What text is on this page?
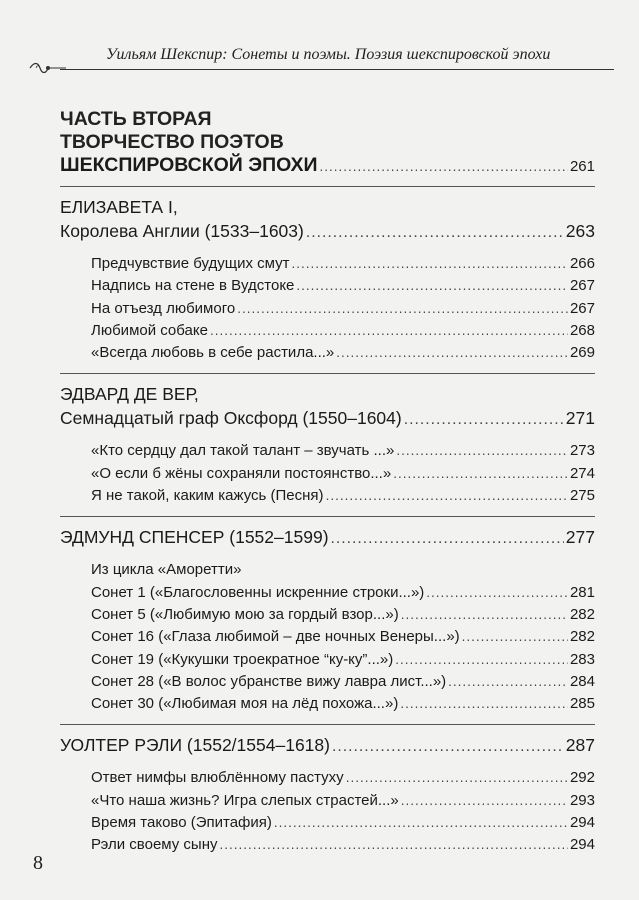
Уильям Шекспир: Сонеты и поэмы. Поэзия шекспировской эпохи
ЧАСТЬ ВТОРАЯ
ТВОРЧЕСТВО ПОЭТОВ
ШЕКСПИРОВСКОЙ ЭПОХИ .....	261
ЕЛИЗАВЕТА I,
Королева Англии (1533–1603) .....	263
Предчувствие будущих смут .....	266
Надпись на стене в Вудстоке .....	267
На отъезд любимого .....	267
Любимой собаке .....	268
«Всегда любовь в себе растила...» .....	269
ЭДВАРД ДЕ ВЕР,
Семнадцатый граф Оксфорд (1550–1604) .....	271
«Кто сердцу дал такой талант – звучать ...» .....	273
«О если б жёны сохраняли постоянство...» .....	274
Я не такой, каким кажусь (Песня) .....	275
ЭДМУНД СПЕНСЕР (1552–1599) .....	277
Из цикла «Аморетти»
Сонет 1 («Благословенны искренние строки...») .....	281
Сонет 5 («Любимую мою за гордый взор...») .....	282
Сонет 16 («Глаза любимой – две ночных Венеры...») .....	282
Сонет 19 («Кукушки троекратное “ку-ку”...») .....	283
Сонет 28 («В волос убранстве вижу лавра лист...») .....	284
Сонет 30 («Любимая моя на лёд похожа...») .....	285
УОЛТЕР РЭЛИ (1552/1554–1618) .....	287
Ответ нимфы влюблённому пастуху .....	292
«Что наша жизнь? Игра слепых страстей...» .....	293
Время таково (Эпитафия) .....	294
Рэли своему сыну .....	294
8
